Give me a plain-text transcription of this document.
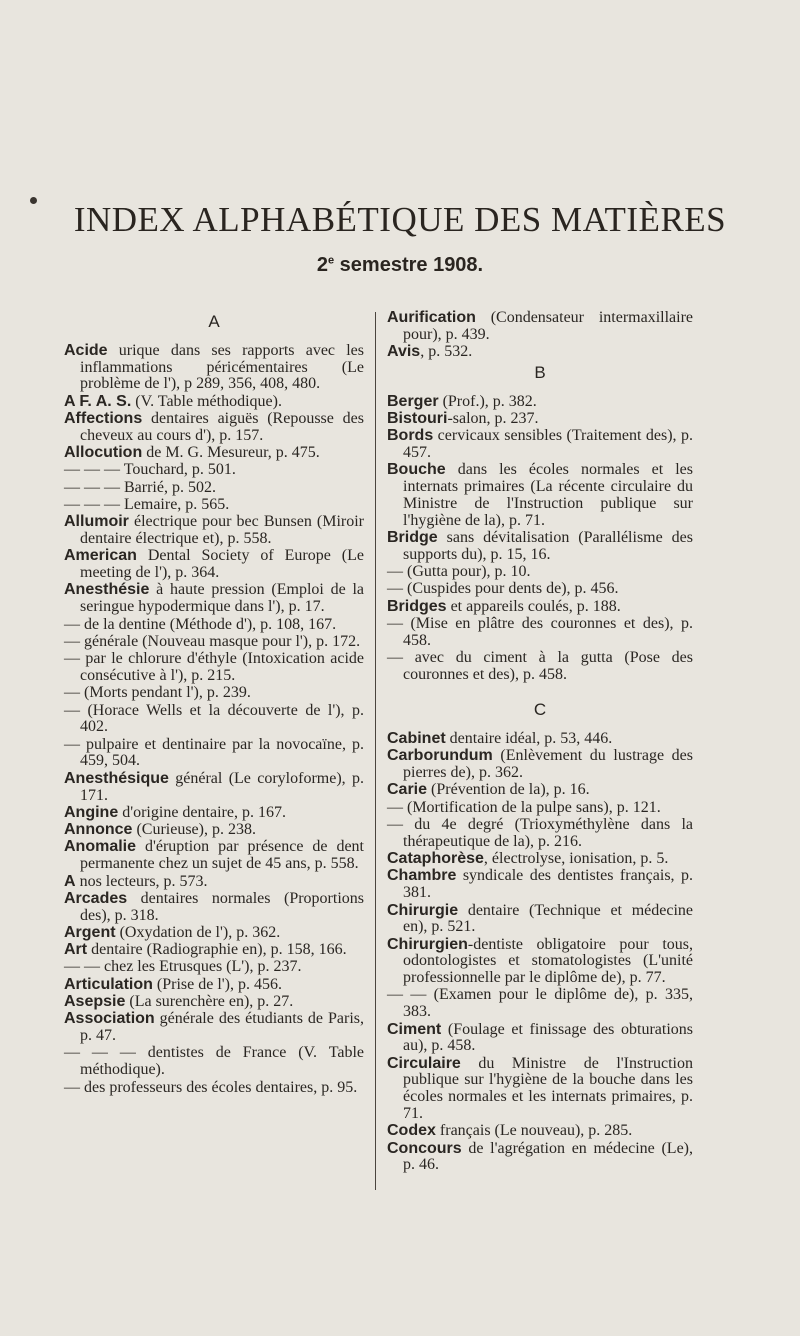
INDEX ALPHABÉTIQUE DES MATIÈRES
2e semestre 1908.
A
Acide urique dans ses rapports avec les inflammations péricémentaires (Le problème de l'), p 289, 356, 408, 480.
A F. A. S. (V. Table méthodique).
Affections dentaires aiguës (Repousse des cheveux au cours d'), p. 157.
Allocution de M. G. Mesureur, p. 475.
— — — Touchard, p. 501.
— — — Barrié, p. 502.
— — — Lemaire, p. 565.
Allumoir électrique pour bec Bunsen (Miroir dentaire électrique et), p. 558.
American Dental Society of Europe (Le meeting de l'), p. 364.
Anesthésie à haute pression (Emploi de la seringue hypodermique dans l'), p. 17.
— de la dentine (Méthode d'), p. 108, 167.
— générale (Nouveau masque pour l'), p. 172.
— par le chlorure d'éthyle (Intoxication acide consécutive à l'), p. 215.
— (Morts pendant l'), p. 239.
— (Horace Wells et la découverte de l'), p. 402.
— pulpaire et dentinaire par la novocaïne, p. 459, 504.
Anesthésique général (Le coryloforme), p. 171.
Angine d'origine dentaire, p. 167.
Annonce (Curieuse), p. 238.
Anomalie d'éruption par présence de dent permanente chez un sujet de 45 ans, p. 558.
A nos lecteurs, p. 573.
Arcades dentaires normales (Proportions des), p. 318.
Argent (Oxydation de l'), p. 362.
Art dentaire (Radiographie en), p. 158, 166.
— — chez les Etrusques (L'), p. 237.
Articulation (Prise de l'), p. 456.
Asepsie (La surenchère en), p. 27.
Association générale des étudiants de Paris, p. 47.
— — — dentistes de France (V. Table méthodique).
— des professeurs des écoles dentaires, p. 95.
Aurification (Condensateur intermaxillaire pour), p. 439.
Avis, p. 532.
B
Berger (Prof.), p. 382.
Bistouri-salon, p. 237.
Bords cervicaux sensibles (Traitement des), p. 457.
Bouche dans les écoles normales et les internats primaires (La récente circulaire du Ministre de l'Instruction publique sur l'hygiène de la), p. 71.
Bridge sans dévitalisation (Parallélisme des supports du), p. 15, 16.
— (Gutta pour), p. 10.
— (Cuspides pour dents de), p. 456.
Bridges et appareils coulés, p. 188.
— (Mise en plâtre des couronnes et des), p. 458.
— avec du ciment à la gutta (Pose des couronnes et des), p. 458.
C
Cabinet dentaire idéal, p. 53, 446.
Carborundum (Enlèvement du lustrage des pierres de), p. 362.
Carie (Prévention de la), p. 16.
— (Mortification de la pulpe sans), p. 121.
— du 4e degré (Trioxyméthylène dans la thérapeutique de la), p. 216.
Cataphorèse, électrolyse, ionisation, p. 5.
Chambre syndicale des dentistes français, p. 381.
Chirurgie dentaire (Technique et médecine en), p. 521.
Chirurgien-dentiste obligatoire pour tous, odontologistes et stomatologistes (L'unité professionnelle par le diplôme de), p. 77.
— — (Examen pour le diplôme de), p. 335, 383.
Ciment (Foulage et finissage des obturations au), p. 458.
Circulaire du Ministre de l'Instruction publique sur l'hygiène de la bouche dans les écoles normales et les internats primaires, p. 71.
Codex français (Le nouveau), p. 285.
Concours de l'agrégation en médecine (Le), p. 46.
